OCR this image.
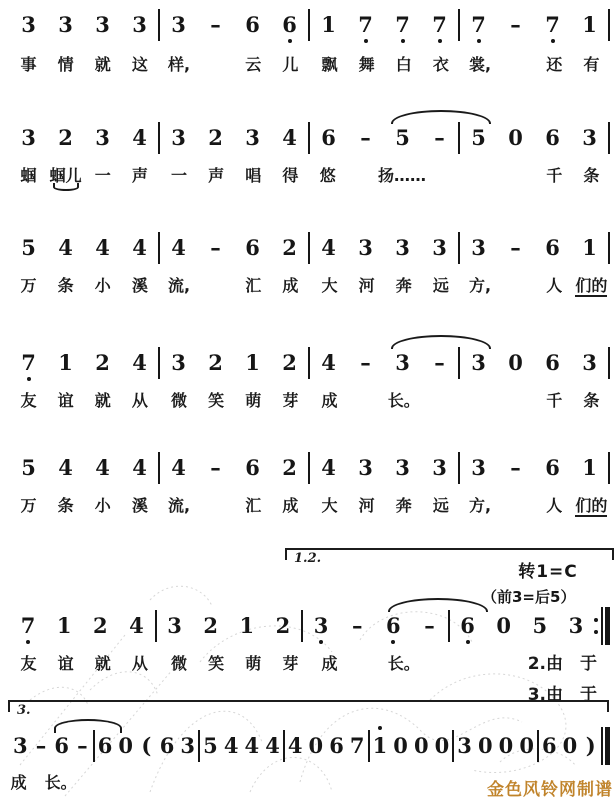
3	3	3	3	3	–	6	6	1	7	7	7	7	–	7	1
事	情	就	这	样,	云	儿	飘	舞	白	衣	裳,	还	有
3	2	3	4	3	2	3	4	6	–	5	–	5	0	6	3
蝈 蝈儿 一	声	一	声	唱	得	悠	扬……	千	条
5	4	4	4	4	–	6	2	4	3	3	3	3	–	6	1
万	条	小	溪	流,	汇	成	大	河	奔	远	方,	人 们的
7	1	2	4	3	2	1	2	4	–	3	–	3	0	6	3
友	谊	就	从	微	笑	萌	芽	成	长。	千	条
5	4	4	4	4	–	6	2	4	3	3	3	3	–	6	1
万	条	小	溪	流,	汇	成	大	河	奔	远	方,	人 们的
7	1	2	4	3	2	1	2	3	–	6	–	6	0	5	3
友	谊	就	从	微	笑	萌	芽	成	长。
3 – 6 – 6 0 ( 6 3 5 4 4 4 4 0 6 7 1 0 0 0 3 0 0 0 6 0 )
成 长。
1.2.
转1=C
（前3=后5）
2.由　于
3.由　于
3.
金色风铃网制谱
